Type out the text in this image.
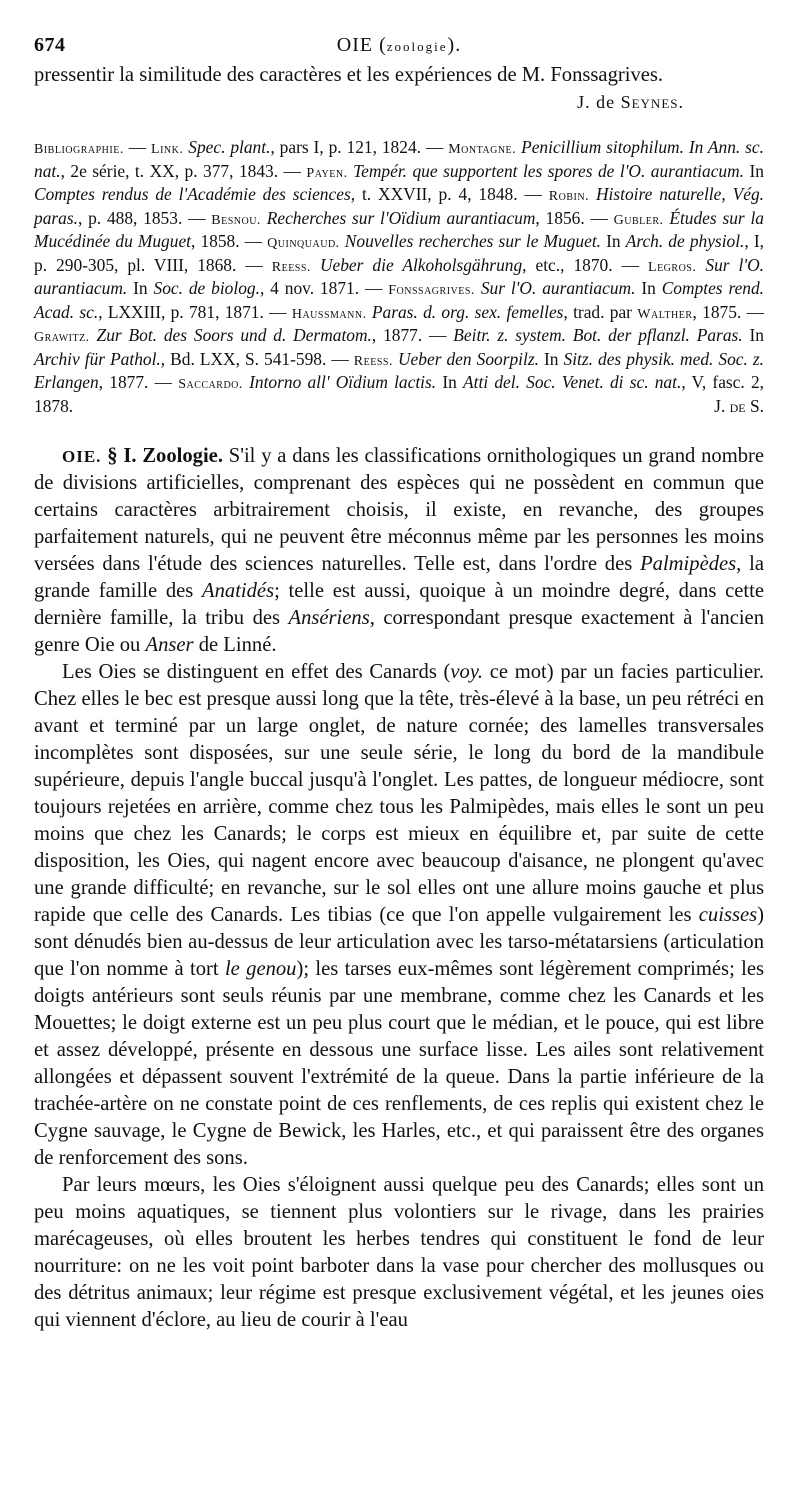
674	OIE (zoologie).

pressentir la similitude des caractères et les expériences de M. Fonssagrives.

J. de Seynes.
Bibliographie. — Link. Spec. plant., pars I, p. 121, 1824. — Montagne. Penicillium sitophilum. In Ann. sc. nat., 2e série, t. XX, p. 377, 1843. — Payen. Tempér. que supportent les spores de l'O. aurantiacum. In Comptes rendus de l'Académie des sciences, t. XXVII, p. 4, 1848. — Robin. Histoire naturelle, Vég. paras., p. 488, 1853. — Besnou. Recherches sur l'Oïdium aurantiacum, 1856. — Gubler. Études sur la Mucédinée du Muguet, 1858. — Quinquaud. Nouvelles recherches sur le Muguet. In Arch. de physiol., I, p. 290-305, pl. VIII, 1868. — Reess. Ueber die Alkoholsgährung, etc., 1870. — Legros. Sur l'O. aurantiacum. In Soc. de biolog., 4 nov. 1871. — Fonssagrives. Sur l'O. aurantiacum. In Comptes rend. Acad. sc., LXXIII, p. 781, 1871. — Haussmann. Paras. d. org. sex. femelles, trad. par Walther, 1875. — Grawitz. Zur Bot. des Soors und d. Dermatom., 1877. — Beitr. z. system. Bot. der pflanzl. Paras. In Archiv für Pathol., Bd. LXX, S. 541-598. — Reess. Ueber den Soorpilz. In Sitz. des physik. med. Soc. z. Erlangen, 1877. — Saccardo. Intorno all' Oïdium lactis. In Atti del. Soc. Venet. di sc. nat., V, fasc. 2, 1878.	J. de S.

OIE. § I. Zoologie. S'il y a dans les classifications ornithologiques un grand nombre de divisions artificielles, comprenant des espèces qui ne possèdent en commun que certains caractères arbitrairement choisis, il existe, en revanche, des groupes parfaitement naturels, qui ne peuvent être méconnus même par les personnes les moins versées dans l'étude des sciences naturelles. Telle est, dans l'ordre des Palmipèdes, la grande famille des Anatidés; telle est aussi, quoique à un moindre degré, dans cette dernière famille, la tribu des Ansériens, correspondant presque exactement à l'ancien genre Oie ou Anser de Linné.

Les Oies se distinguent en effet des Canards (voy. ce mot) par un facies particulier. Chez elles le bec est presque aussi long que la tête, très-élevé à la base, un peu rétréci en avant et terminé par un large onglet, de nature cornée; des lamelles transversales incomplètes sont disposées, sur une seule série, le long du bord de la mandibule supérieure, depuis l'angle buccal jusqu'à l'onglet. Les pattes, de longueur médiocre, sont toujours rejetées en arrière, comme chez tous les Palmipèdes, mais elles le sont un peu moins que chez les Canards; le corps est mieux en équilibre et, par suite de cette disposition, les Oies, qui nagent encore avec beaucoup d'aisance, ne plongent qu'avec une grande difficulté; en revanche, sur le sol elles ont une allure moins gauche et plus rapide que celle des Canards. Les tibias (ce que l'on appelle vulgairement les cuisses) sont dénudés bien au-dessus de leur articulation avec les tarso-métatarsiens (articulation que l'on nomme à tort le genou); les tarses eux-mêmes sont légèrement comprimés; les doigts antérieurs sont seuls réunis par une membrane, comme chez les Canards et les Mouettes; le doigt externe est un peu plus court que le médian, et le pouce, qui est libre et assez développé, présente en dessous une surface lisse. Les ailes sont relativement allongées et dépassent souvent l'extrémité de la queue. Dans la partie inférieure de la trachée-artère on ne constate point de ces renflements, de ces replis qui existent chez le Cygne sauvage, le Cygne de Bewick, les Harles, etc., et qui paraissent être des organes de renforcement des sons.

Par leurs mœurs, les Oies s'éloignent aussi quelque peu des Canards; elles sont un peu moins aquatiques, se tiennent plus volontiers sur le rivage, dans les prairies marécageuses, où elles broutent les herbes tendres qui constituent le fond de leur nourriture: on ne les voit point barboter dans la vase pour chercher des mollusques ou des détritus animaux; leur régime est presque exclusivement végétal, et les jeunes oies qui viennent d'éclore, au lieu de courir à l'eau
